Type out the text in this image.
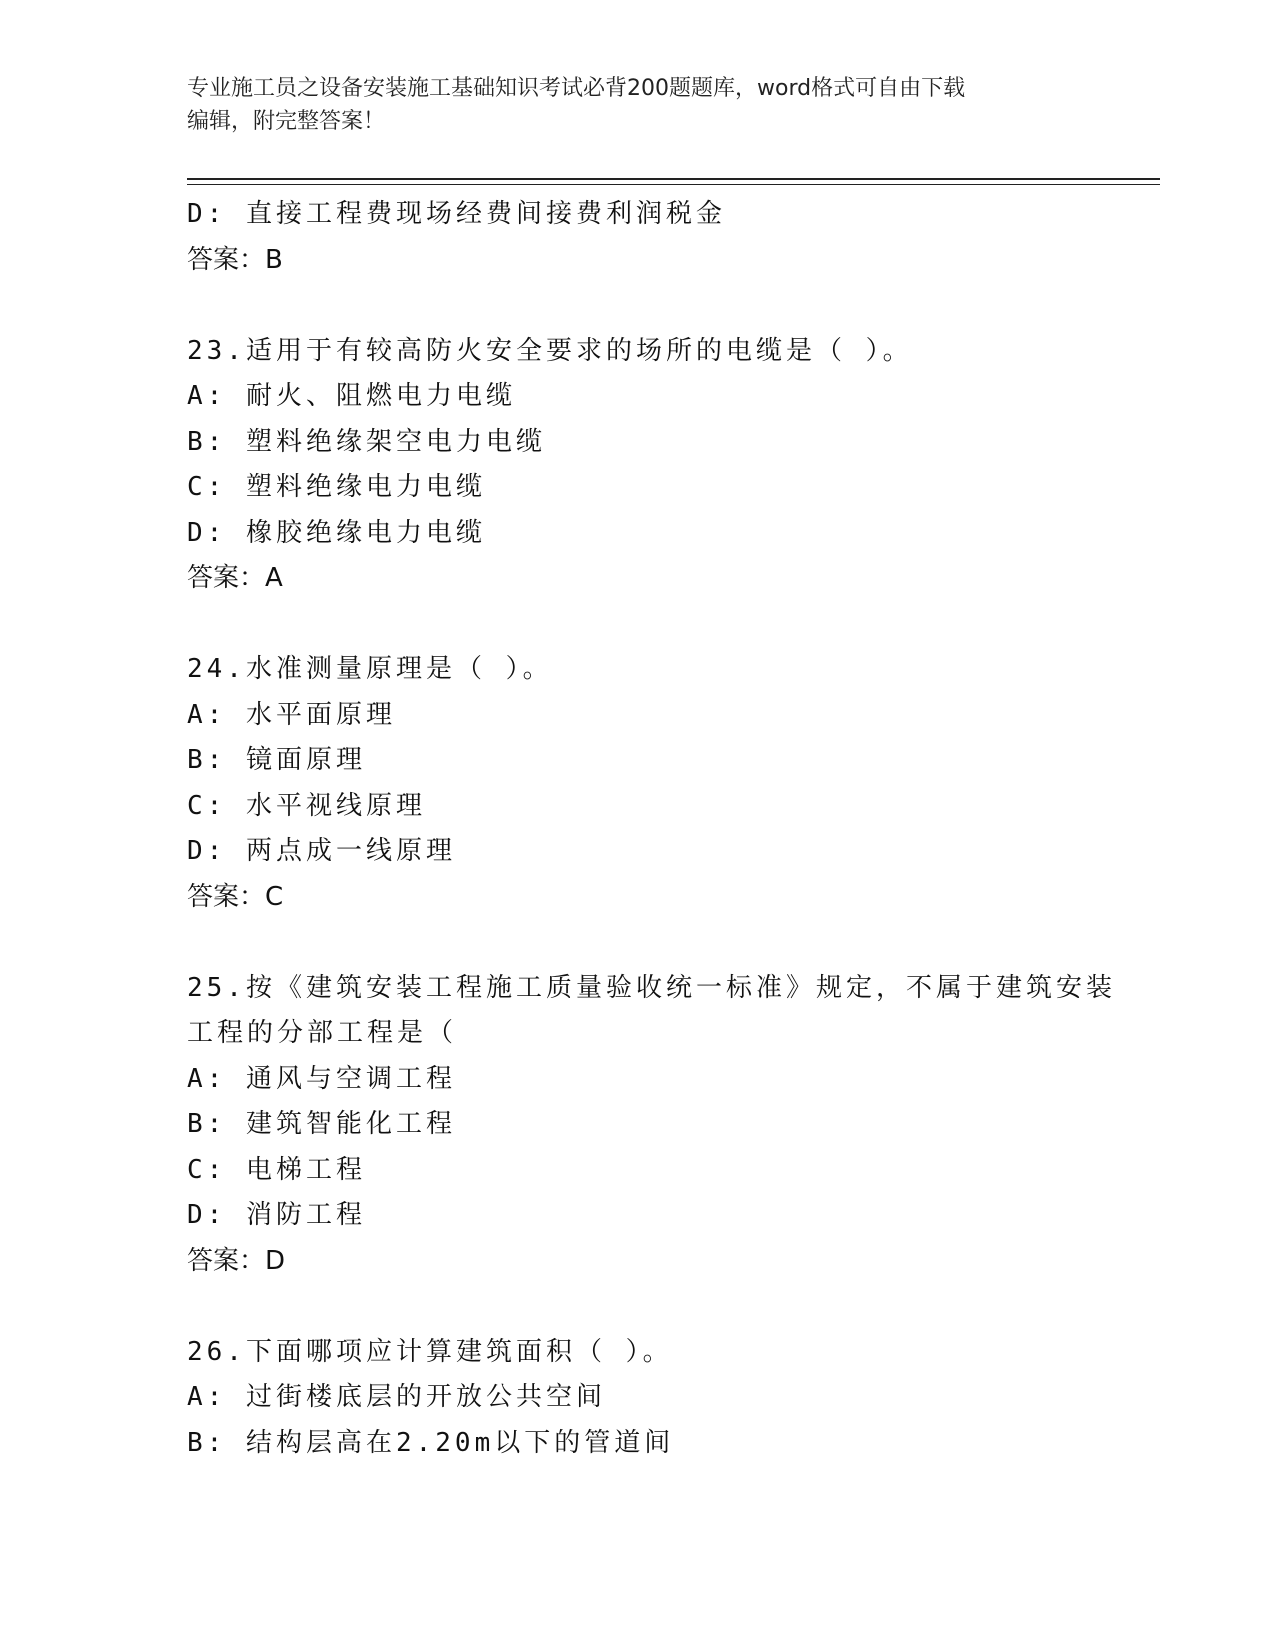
专业施工员之设备安装施工基础知识考试必背200题题库，word格式可自由下载
编辑，附完整答案！
D: 直接工程费现场经费间接费利润税金
答案：B
23.适用于有较高防火安全要求的场所的电缆是（ ）。
A: 耐火、阻燃电力电缆
B: 塑料绝缘架空电力电缆
C: 塑料绝缘电力电缆
D: 橡胶绝缘电力电缆
答案：A
24.水准测量原理是（ ）。
A: 水平面原理
B: 镜面原理
C: 水平视线原理
D: 两点成一线原理
答案：C
25.按《建筑安装工程施工质量验收统一标准》规定，不属于建筑安装
工程的分部工程是（
A: 通风与空调工程
B: 建筑智能化工程
C: 电梯工程
D: 消防工程
答案：D
26.下面哪项应计算建筑面积（ ）。
A: 过街楼底层的开放公共空间
B: 结构层高在2.20m以下的管道间
